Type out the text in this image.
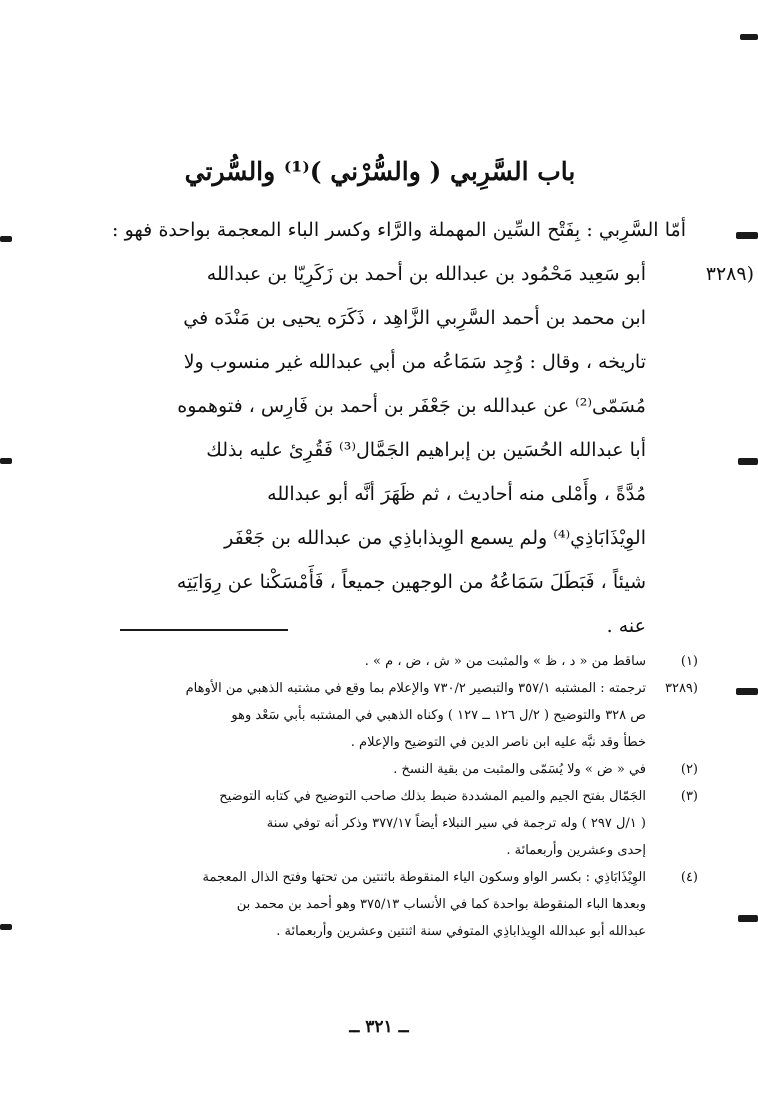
باب السَّرِبي ( والسُّرْني )⁽¹⁾ والسُّرتي
أمّا السَّرِبي : بِفَتْح السِّين المهملة والرَّاء وكسر الباء المعجمة بواحدة فهو :
(٣٢٨٩
أبو سَعِيد مَحْمُود بن عبدالله بن أحمد بن زَكَرِيّا بن عبدالله
ابن محمد بن أحمد السَّرِبي الزَّاهِد ، ذَكَرَه يحيى بن مَنْدَه في
تاريخه ، وقال : وُجِد سَمَاعُه من أبي عبدالله غير منسوب ولا
مُسَمّى⁽²⁾ عن عبدالله بن جَعْفَر بن أحمد بن فَارِس ، فتوهموه
أبا عبدالله الحُسَين بن إبراهيم الجَمَّال⁽³⁾ فَقُرِئ عليه بذلك
مُدَّةً ، وأَمْلى منه أحاديث ، ثم ظَهَرَ أنَّه أبو عبدالله
الوِيْذَابَاذِي⁽⁴⁾ ولم يسمع الوِيذاباذِي من عبدالله بن جَعْفَر
شيئاً ، فَبَطَلَ سَمَاعُهُ من الوجهين جميعاً ، فَأَمْسَكْنا عن رِوَايَتِه
عنه .
(١)
ساقط من « د ، ظ » والمثبت من « ش ، ض ، م » .
(٣٢٨٩
ترجمته : المشتبه ٣٥٧/١ والتبصير ٧٣٠/٢ والإعلام بما وقع في مشتبه الذهبي من الأوهام
ص ٣٢٨ والتوضيح ( ٢/ل ١٢٦ ــ ١٢٧ ) وكناه الذهبي في المشتبه بأبي سَعْد وهو
خطأ وقد نبَّه عليه ابن ناصر الدين في التوضيح والإعلام .
(٢)
في « ض » ولا يُسَمّى والمثبت من بقية النسخ .
(٣)
الجَمّال بفتح الجيم والميم المشددة ضبط بذلك صاحب التوضيح في كتابه التوضيح
( ١/ل ٢٩٧ ) وله ترجمة في سير النبلاء أيضاً ٣٧٧/١٧ وذكر أنه توفي سنة
إحدى وعشرين وأربعمائة .
(٤)
الوِيْذَابَاذِي : بكسر الواو وسكون الياء المنقوطة باثنتين من تحتها وفتح الذال المعجمة
وبعدها الباء المنقوطة بواحدة كما في الأنساب ٣٧٥/١٣ وهو أحمد بن محمد بن
عبدالله أبو عبدالله الوِيذاباذِي المتوفي سنة اثنتين وعشرين وأربعمائة .
ــ ٣٢١ ــ
